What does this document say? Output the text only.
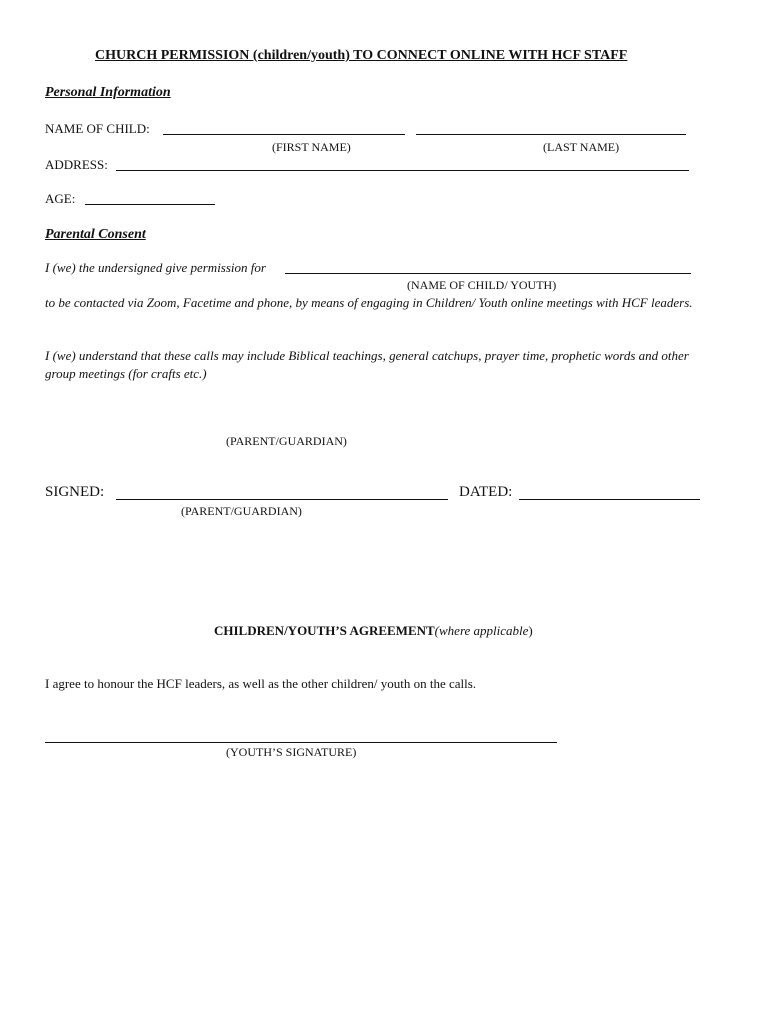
CHURCH PERMISSION (children/youth) TO CONNECT ONLINE WITH HCF STAFF
Personal Information
NAME OF CHILD:
(FIRST NAME)	(LAST NAME)
ADDRESS:
AGE:
Parental Consent
I (we) the undersigned give permission for
(NAME OF CHILD/ YOUTH)
to be contacted via Zoom, Facetime and phone, by means of engaging in Children/ Youth online meetings with HCF leaders.
I (we) understand that these calls may include Biblical teachings, general catchups, prayer time, prophetic words and other group meetings (for crafts etc.)
(PARENT/GUARDIAN)
SIGNED:	DATED:
(PARENT/GUARDIAN)
CHILDREN/YOUTH’S AGREEMENT(where applicable)
I agree to honour the HCF leaders, as well as the other children/ youth on the calls.
(YOUTH’S SIGNATURE)
